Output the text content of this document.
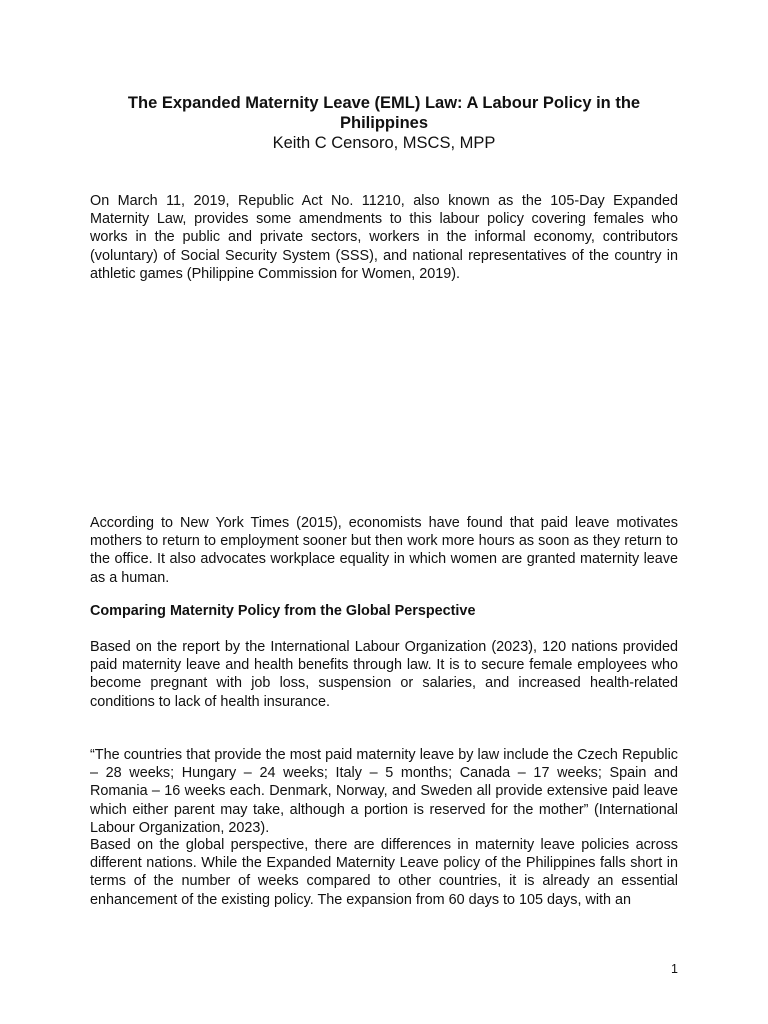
The Expanded Maternity Leave (EML) Law: A Labour Policy in the Philippines

Keith C Censoro, MSCS, MPP

On March 11, 2019, Republic Act No. 11210, also known as the 105-Day Expanded Maternity Law, provides some amendments to this labour policy covering females who works in the public and private sectors, workers in the informal economy, contributors (voluntary) of Social Security System (SSS), and national representatives of the country in athletic games (Philippine Commission for Women, 2019).

According to New York Times (2015), economists have found that paid leave motivates mothers to return to employment sooner but then work more hours as soon as they return to the office. It also advocates workplace equality in which women are granted maternity leave as a human.

Comparing Maternity Policy from the Global Perspective

Based on the report by the International Labour Organization (2023), 120 nations provided paid maternity leave and health benefits through law. It is to secure female employees who become pregnant with job loss, suspension or salaries, and increased health-related conditions to lack of health insurance.

“The countries that provide the most paid maternity leave by law include the Czech Republic – 28 weeks; Hungary – 24 weeks; Italy – 5 months; Canada – 17 weeks; Spain and Romania – 16 weeks each. Denmark, Norway, and Sweden all provide extensive paid leave which either parent may take, although a portion is reserved for the mother” (International Labour Organization, 2023).

Based on the global perspective, there are differences in maternity leave policies across different nations. While the Expanded Maternity Leave policy of the Philippines falls short in terms of the number of weeks compared to other countries, it is already an essential enhancement of the existing policy. The expansion from 60 days to 105 days, with an

1
